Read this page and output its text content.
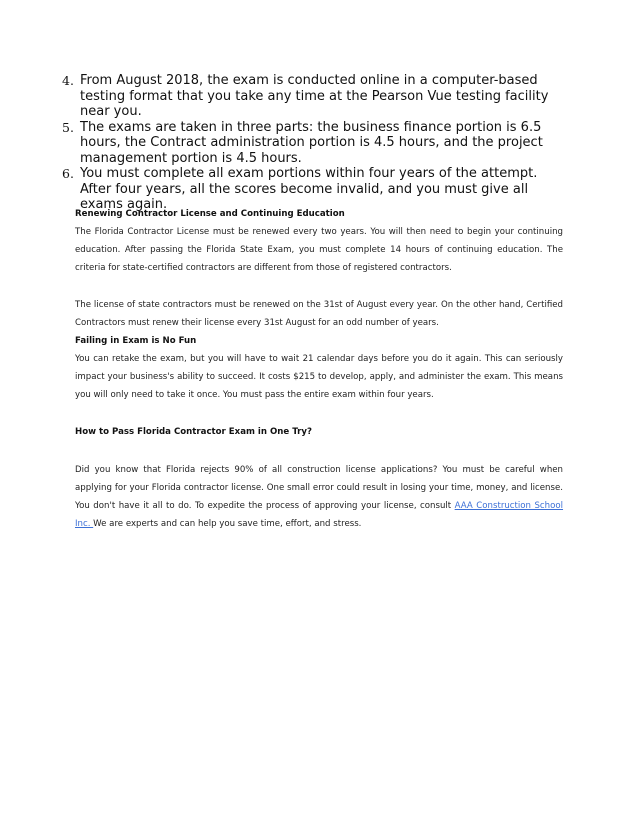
4. From August 2018, the exam is conducted online in a computer-based testing format that you take any time at the Pearson Vue testing facility near you.
5. The exams are taken in three parts: the business finance portion is 6.5 hours, the Contract administration portion is 4.5 hours, and the project management portion is 4.5 hours.
6. You must complete all exam portions within four years of the attempt. After four years, all the scores become invalid, and you must give all exams again.

Renewing Contractor License and Continuing Education

The Florida Contractor License must be renewed every two years. You will then need to begin your continuing education. After passing the Florida State Exam, you must complete 14 hours of continuing education. The criteria for state-certified contractors are different from those of registered contractors.

The license of state contractors must be renewed on the 31st of August every year. On the other hand, Certified Contractors must renew their license every 31st August for an odd number of years.

Failing in Exam is No Fun

You can retake the exam, but you will have to wait 21 calendar days before you do it again. This can seriously impact your business's ability to succeed. It costs $215 to develop, apply, and administer the exam. This means you will only need to take it once. You must pass the entire exam within four years.

How to Pass Florida Contractor Exam in One Try?

Did you know that Florida rejects 90% of all construction license applications? You must be careful when applying for your Florida contractor license. One small error could result in losing your time, money, and license. You don't have it all to do. To expedite the process of approving your license, consult AAA Construction School Inc. We are experts and can help you save time, effort, and stress.
